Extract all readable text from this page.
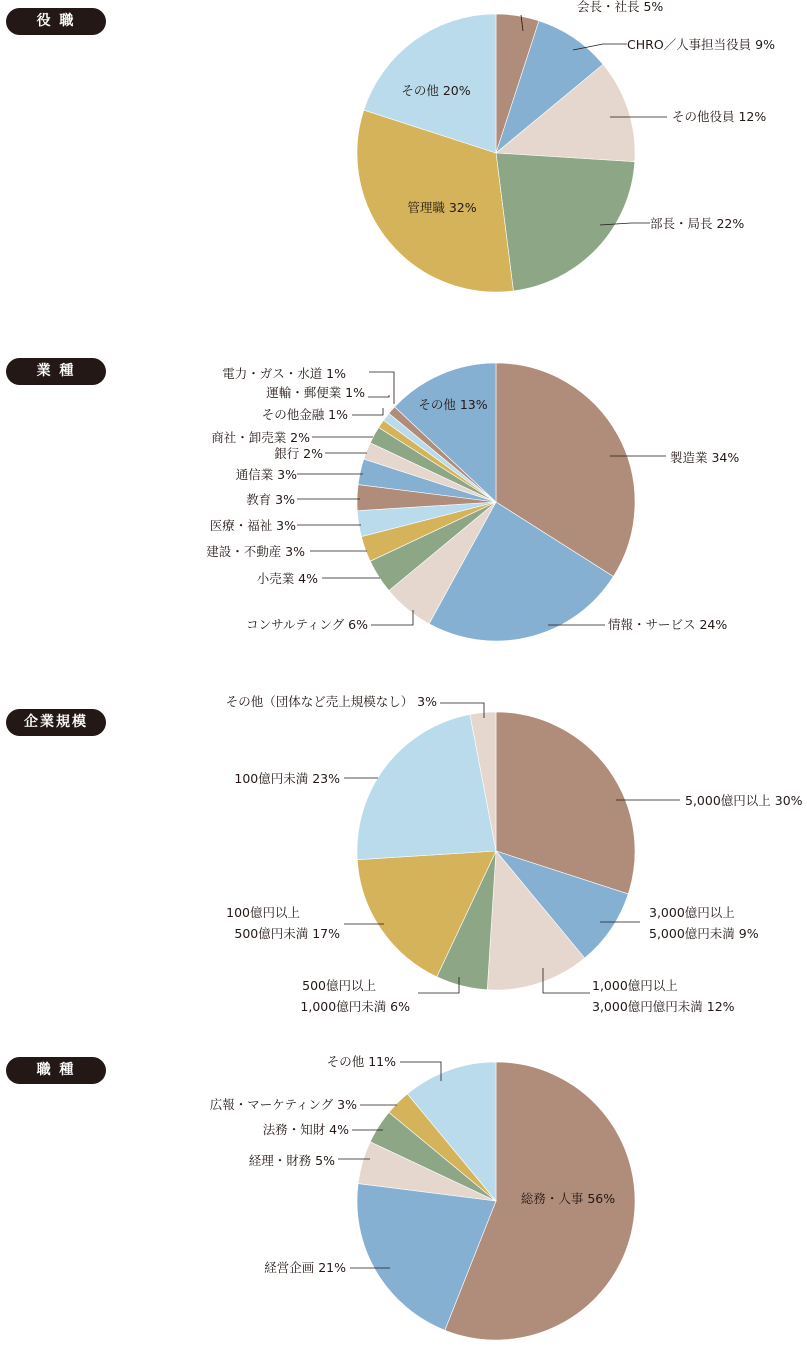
役 職
業 種
企業規模
職 種
会長・社長 5%
CHRO／人事担当役員 9%
その他役員 12%
部長・局長 22%
管理職 32%
その他 20%
製造業 34%
情報・サービス 24%
コンサルティング 6%
小売業 4%
建設・不動産 3%
医療・福祉 3%
教育 3%
通信業 3%
銀行 2%
商社・卸売業 2%
その他金融 1%
運輸・郵便業 1%
電力・ガス・水道 1%
その他 13%
5,000億円以上 30%
3,000億円以上
5,000億円未満 9%
1,000億円以上
3,000億円億円未満 12%
500億円以上
1,000億円未満 6%
100億円以上
500億円未満 17%
100億円未満 23%
その他（団体など売上規模なし） 3%
総務・人事 56%
経営企画 21%
経理・財務 5%
法務・知財 4%
広報・マーケティング 3%
その他 11%
